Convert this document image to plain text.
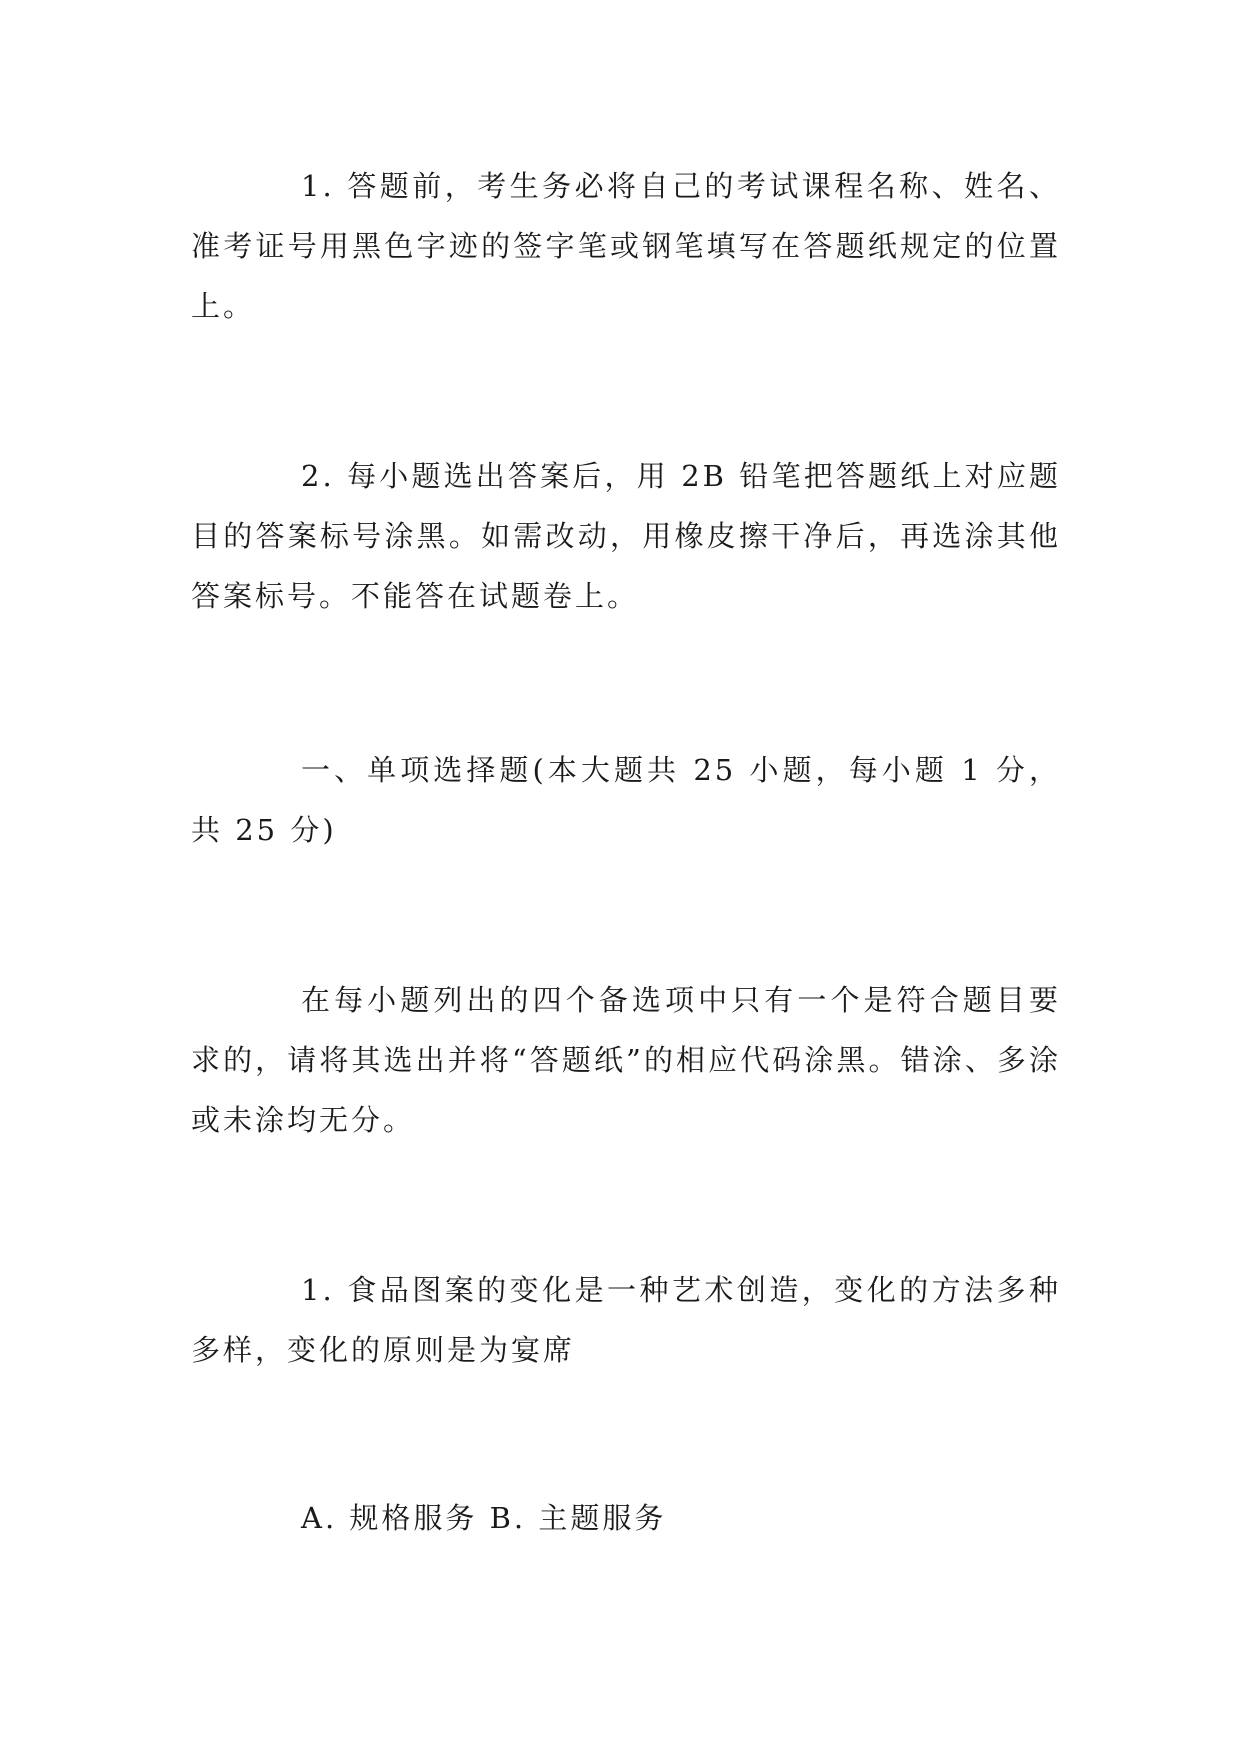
1. 答题前，考生务必将自己的考试课程名称、姓名、准考证号用黑色字迹的签字笔或钢笔填写在答题纸规定的位置上。

2. 每小题选出答案后，用 2B 铅笔把答题纸上对应题目的答案标号涂黑。如需改动，用橡皮擦干净后，再选涂其他答案标号。不能答在试题卷上。

一、单项选择题(本大题共 25 小题，每小题 1 分，共 25 分)

在每小题列出的四个备选项中只有一个是符合题目要求的，请将其选出并将“答题纸”的相应代码涂黑。错涂、多涂或未涂均无分。

1. 食品图案的变化是一种艺术创造，变化的方法多种多样，变化的原则是为宴席

A. 规格服务 B. 主题服务
